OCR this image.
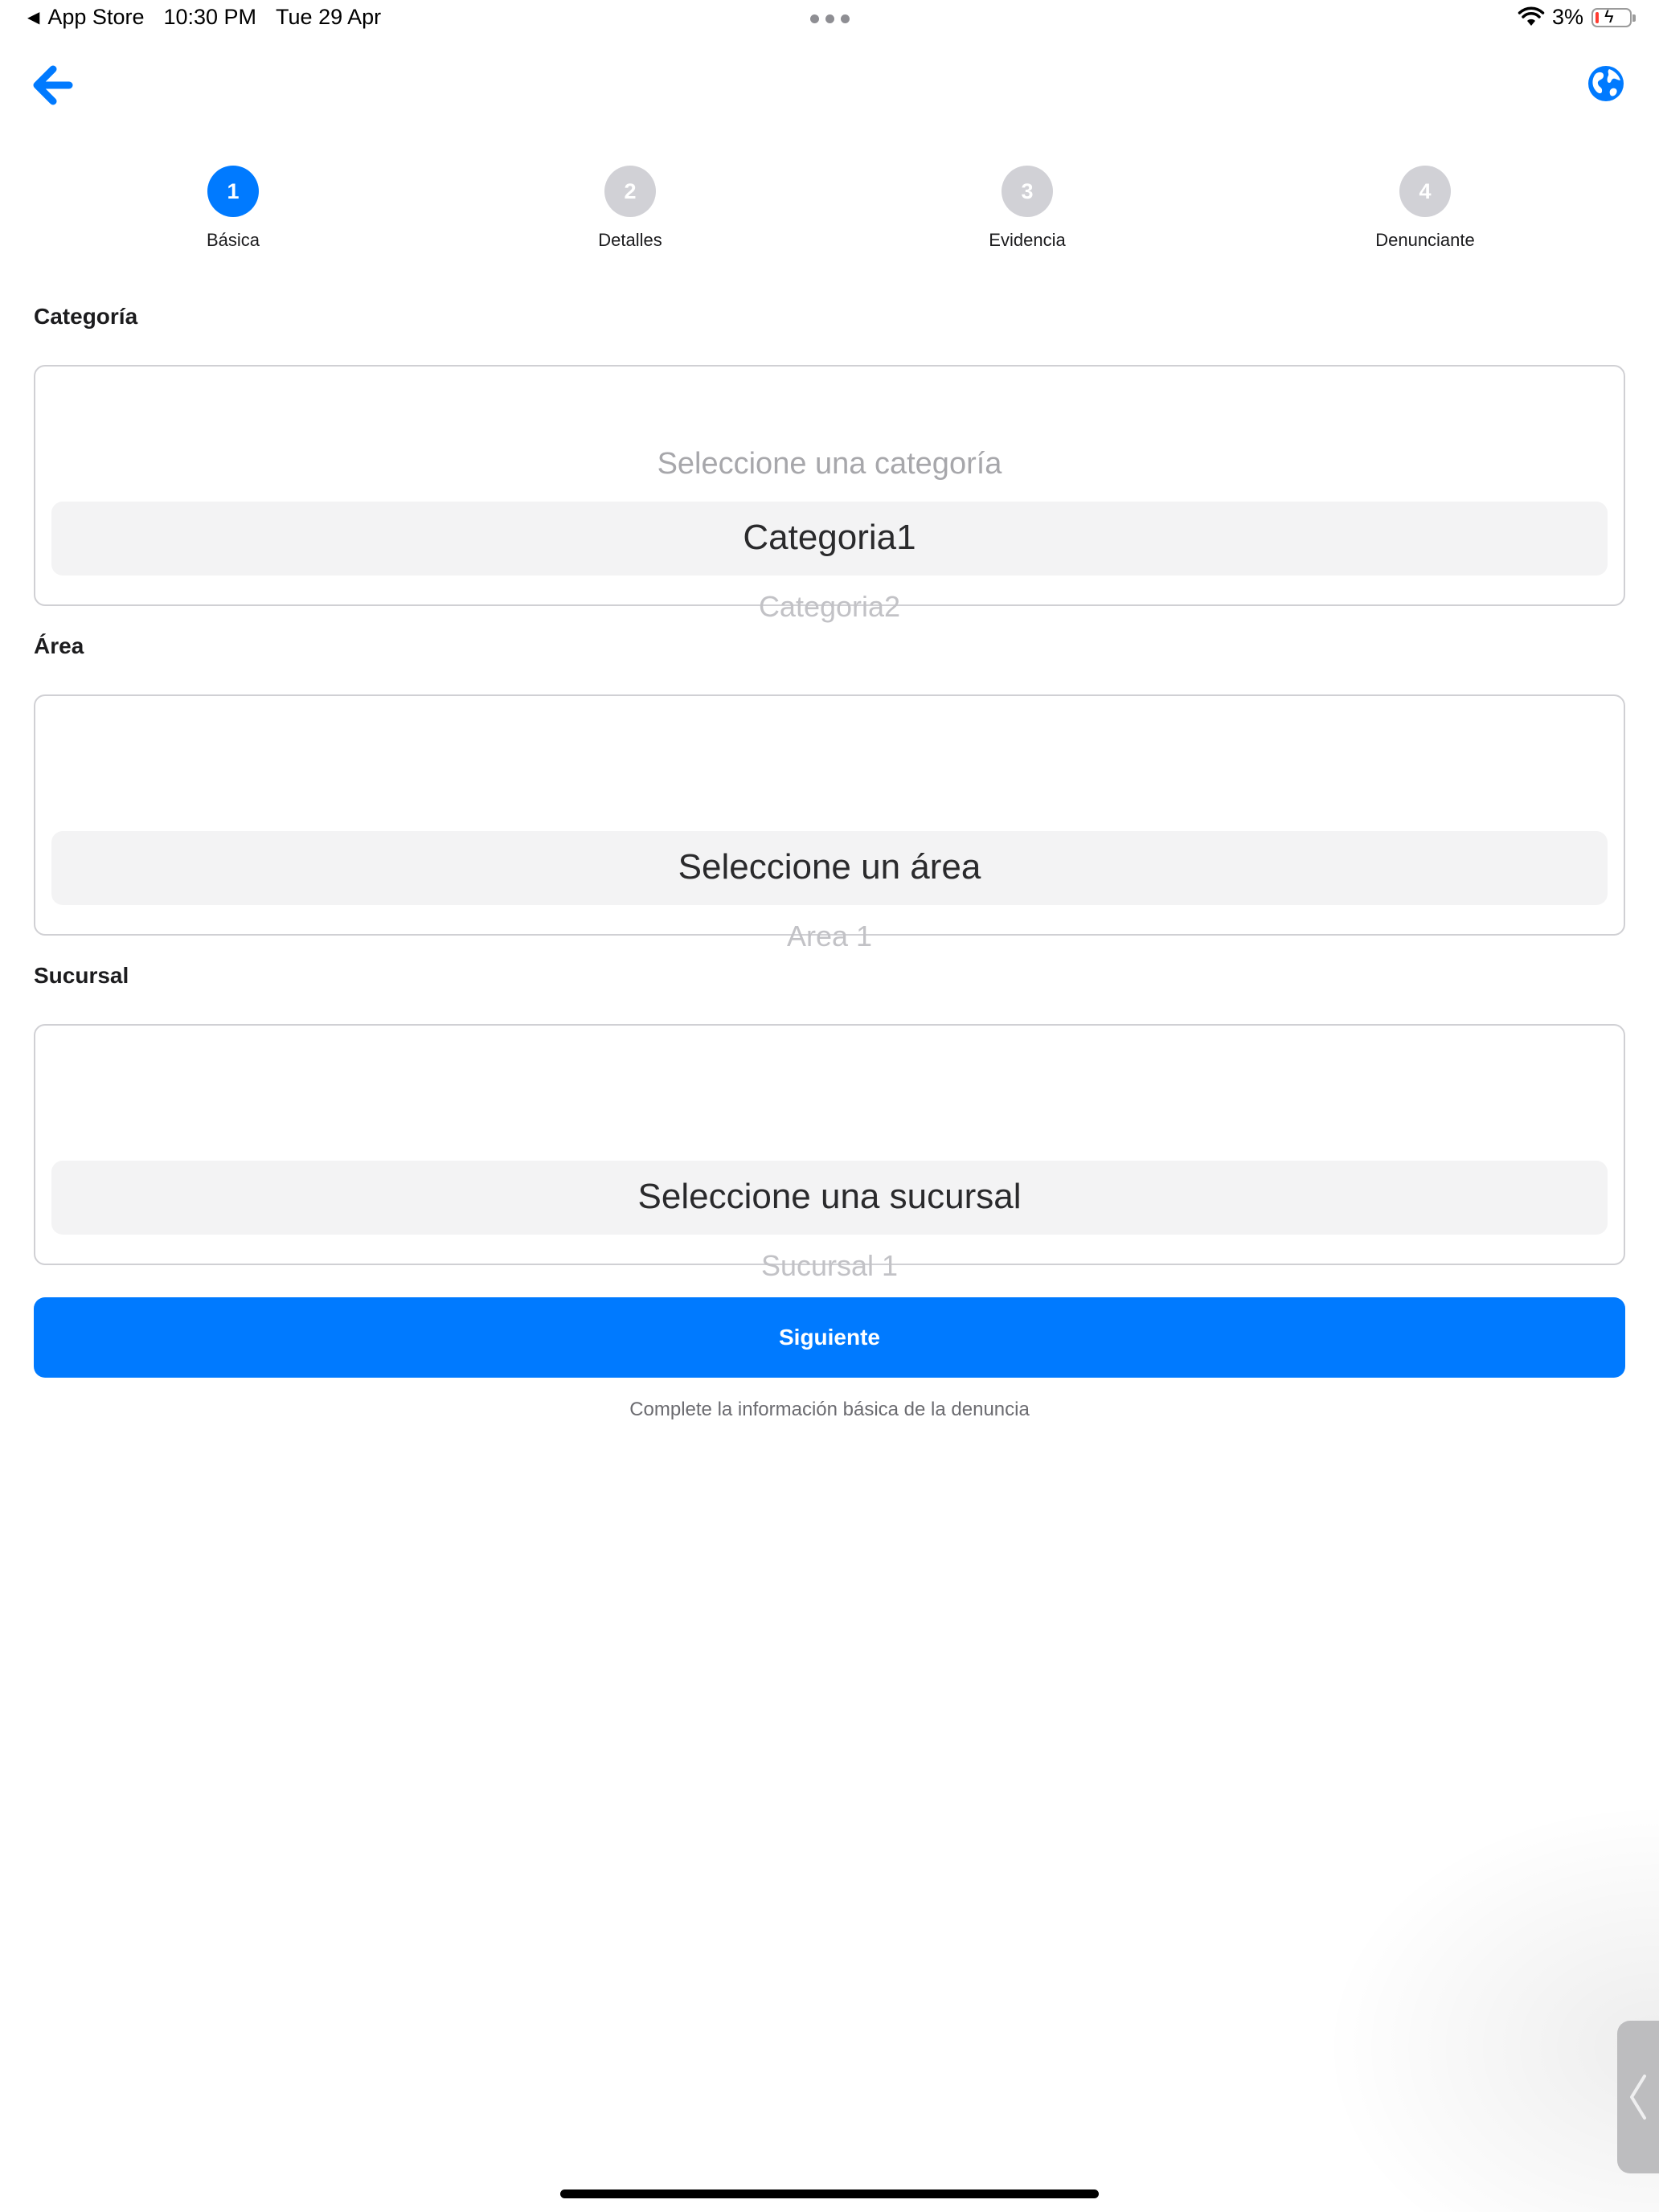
◀ App Store 10:30 PM Tue 29 Apr	3% ϟ
1
Básica
2
Detalles
3
Evidencia
4
Denunciante
Categoría
Seleccione una categoría
Categoria1
Categoria2
Área
Seleccione un área
Area 1
Sucursal
Seleccione una sucursal
Sucursal 1
Siguiente
Complete la información básica de la denuncia
